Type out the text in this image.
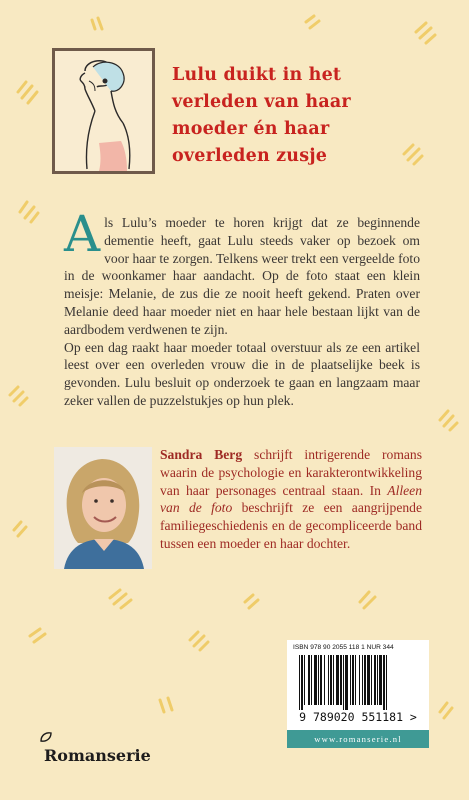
Lulu duikt in het
verleden van haar
moeder én haar
overleden zusje

Als Lulu’s moeder te horen krijgt dat ze beginnende dementie heeft, gaat Lulu steeds vaker op bezoek om voor haar te zorgen. Telkens weer trekt een vergeelde foto in de woonkamer haar aandacht. Op de foto staat een klein meisje: Melanie, de zus die ze nooit heeft gekend. Praten over Melanie deed haar moeder niet en haar hele bestaan lijkt van de aardbodem verdwenen te zijn.

Op een dag raakt haar moeder totaal overstuur als ze een artikel leest over een overleden vrouw die in de plaatselijke beek is gevonden. Lulu besluit op onderzoek te gaan en langzaam maar zeker vallen de puzzelstukjes op hun plek.

Sandra Berg schrijft intrigerende romans waarin de psychologie en karakterontwikkeling van haar personages centraal staan. In Alleen van de foto beschrijft ze een aangrijpende familiegeschiedenis en de gecompliceerde band tussen een moeder en haar dochter.

ISBN 978 90 2055 118 1 NUR 344
9 789020 551181 >
www.romanserie.nl
Romanserie
